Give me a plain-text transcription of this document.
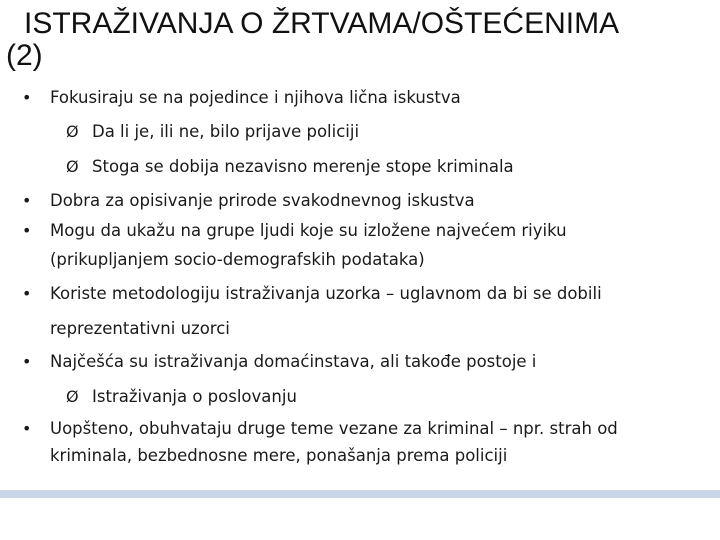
ISTRAŽIVANJA O ŽRTVAMA/OŠTEĆENIMA
(2)
• Fokusiraju se na pojedince i njihova lična iskustva
Ø Da li je, ili ne, bilo prijave policiji
Ø Stoga se dobija nezavisno merenje stope kriminala
• Dobra za opisivanje prirode svakodnevnog iskustva
• Mogu da ukažu na grupe ljudi koje su izložene najvećem riyiku
(prikupljanjem socio-demografskih podataka)
• Koriste metodologiju istraživanja uzorka – uglavnom da bi se dobili
reprezentativni uzorci
• Najčešća su istraživanja domaćinstava, ali takođe postoje i
Ø Istraživanja o poslovanju
• Uopšteno, obuhvataju druge teme vezane za kriminal – npr. strah od
kriminala, bezbednosne mere, ponašanja prema policiji
